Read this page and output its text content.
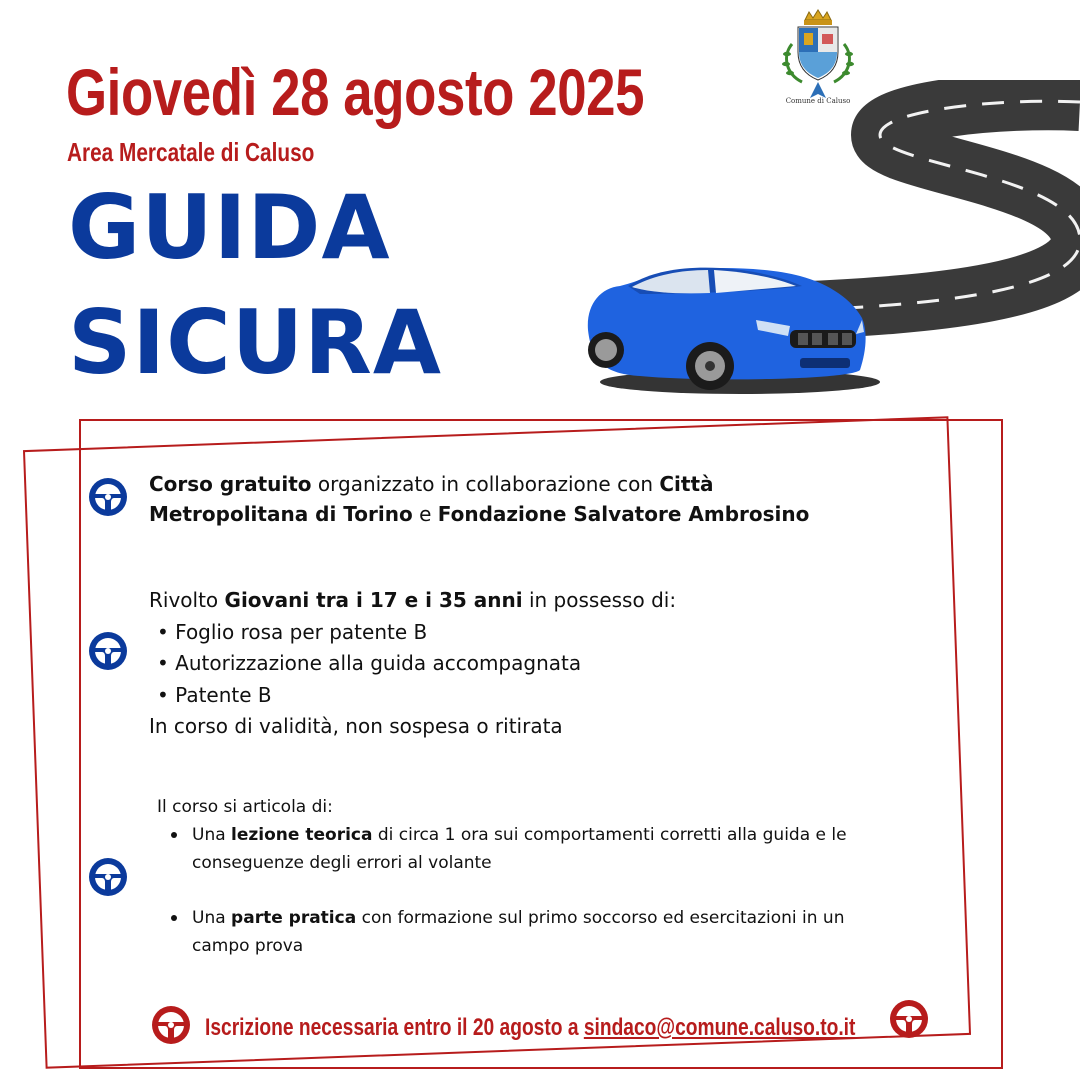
Giovedì 28 agosto 2025
Area Mercatale di Caluso
GUIDA
SICURA
Comune di Caluso
Corso gratuito organizzato in collaborazione con Città Metropolitana di Torino e Fondazione Salvatore Ambrosino
Rivolto Giovani tra i 17 e i 35 anni in possesso di:
• Foglio rosa per patente B
• Autorizzazione alla guida accompagnata
• Patente B
In corso di validità, non sospesa o ritirata
Il corso si articola di:
Una lezione teorica di circa 1 ora sui comportamenti corretti alla guida e le conseguenze degli errori al volante
Una parte pratica con formazione sul primo soccorso ed esercitazioni in un campo prova
Iscrizione necessaria entro il 20 agosto a sindaco@comune.caluso.to.it
